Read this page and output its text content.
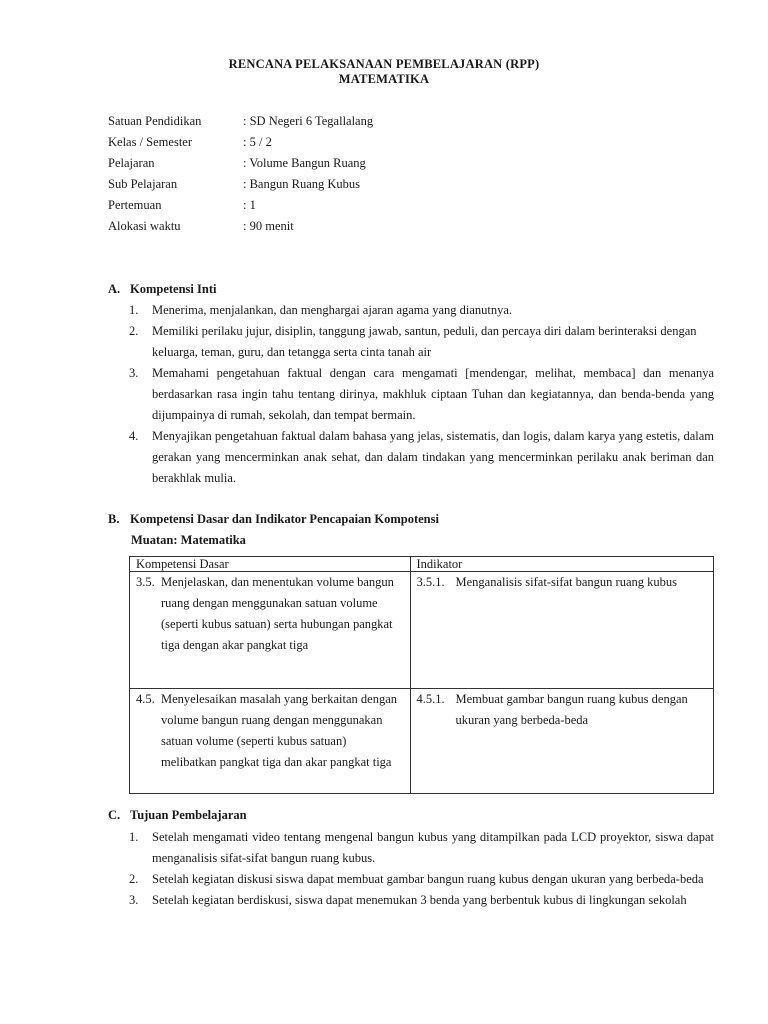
RENCANA PELAKSANAAN PEMBELAJARAN (RPP)
MATEMATIKA
Satuan Pendidikan	: SD Negeri 6 Tegallalang
Kelas / Semester	: 5 / 2
Pelajaran	: Volume Bangun Ruang
Sub Pelajaran	: Bangun Ruang Kubus
Pertemuan	: 1
Alokasi waktu	: 90 menit
A. Kompetensi Inti
1. Menerima, menjalankan, dan menghargai ajaran agama yang dianutnya.
2. Memiliki perilaku jujur, disiplin, tanggung jawab, santun, peduli, dan percaya diri dalam berinteraksi dengan keluarga, teman, guru, dan tetangga serta cinta tanah air
3. Memahami pengetahuan faktual dengan cara mengamati [mendengar, melihat, membaca] dan menanya berdasarkan rasa ingin tahu tentang dirinya, makhluk ciptaan Tuhan dan kegiatannya, dan benda-benda yang dijumpainya di rumah, sekolah, dan tempat bermain.
4. Menyajikan pengetahuan faktual dalam bahasa yang jelas, sistematis, dan logis, dalam karya yang estetis, dalam gerakan yang mencerminkan anak sehat, dan dalam tindakan yang mencerminkan perilaku anak beriman dan berakhlak mulia.
B. Kompetensi Dasar dan Indikator Pencapaian Kompotensi
Muatan: Matematika
Kompetensi Dasar	Indikator

3.5. Menjelaskan, dan menentukan volume bangun ruang dengan menggunakan satuan volume (seperti kubus satuan) serta hubungan pangkat tiga dengan akar pangkat tiga	3.5.1. Menganalisis sifat-sifat bangun ruang kubus

4.5. Menyelesaikan masalah yang berkaitan dengan volume bangun ruang dengan menggunakan satuan volume (seperti kubus satuan) melibatkan pangkat tiga dan akar pangkat tiga	4.5.1. Membuat gambar bangun ruang kubus dengan ukuran yang berbeda-beda
C. Tujuan Pembelajaran
1. Setelah mengamati video tentang mengenal bangun kubus yang ditampilkan pada LCD proyektor, siswa dapat menganalisis sifat-sifat bangun ruang kubus.
2. Setelah kegiatan diskusi siswa dapat membuat gambar bangun ruang kubus dengan ukuran yang berbeda-beda
3. Setelah kegiatan berdiskusi, siswa dapat menemukan 3 benda yang berbentuk kubus di lingkungan sekolah
